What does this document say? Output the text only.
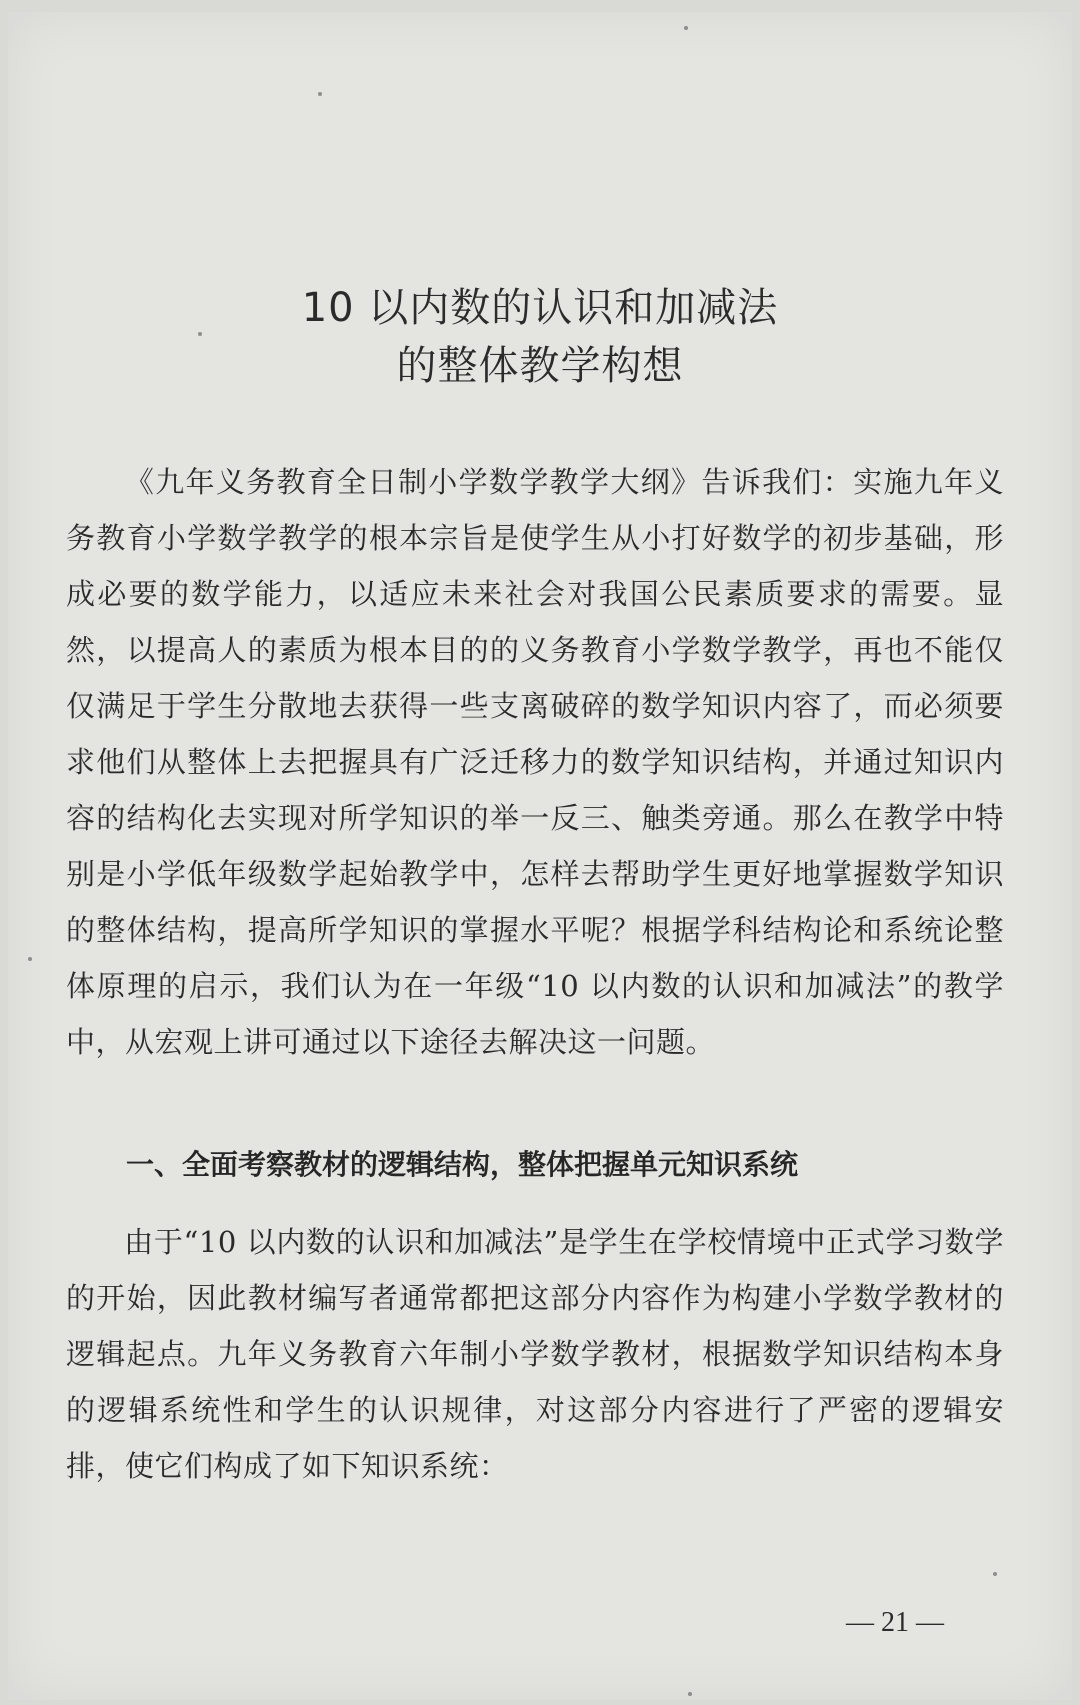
10 以内数的认识和加减法
的整体教学构想
《九年义务教育全日制小学数学教学大纲》告诉我们：实施九年义务教育小学数学教学的根本宗旨是使学生从小打好数学的初步基础，形成必要的数学能力，以适应未来社会对我国公民素质要求的需要。显然，以提高人的素质为根本目的的义务教育小学数学教学，再也不能仅仅满足于学生分散地去获得一些支离破碎的数学知识内容了，而必须要求他们从整体上去把握具有广泛迁移力的数学知识结构，并通过知识内容的结构化去实现对所学知识的举一反三、触类旁通。那么在教学中特别是小学低年级数学起始教学中，怎样去帮助学生更好地掌握数学知识的整体结构，提高所学知识的掌握水平呢？根据学科结构论和系统论整体原理的启示，我们认为在一年级“10 以内数的认识和加减法”的教学中，从宏观上讲可通过以下途径去解决这一问题。
一、全面考察教材的逻辑结构，整体把握单元知识系统
由于“10 以内数的认识和加减法”是学生在学校情境中正式学习数学的开始，因此教材编写者通常都把这部分内容作为构建小学数学教材的逻辑起点。九年义务教育六年制小学数学教材，根据数学知识结构本身的逻辑系统性和学生的认识规律，对这部分内容进行了严密的逻辑安排，使它们构成了如下知识系统：
— 21 —
